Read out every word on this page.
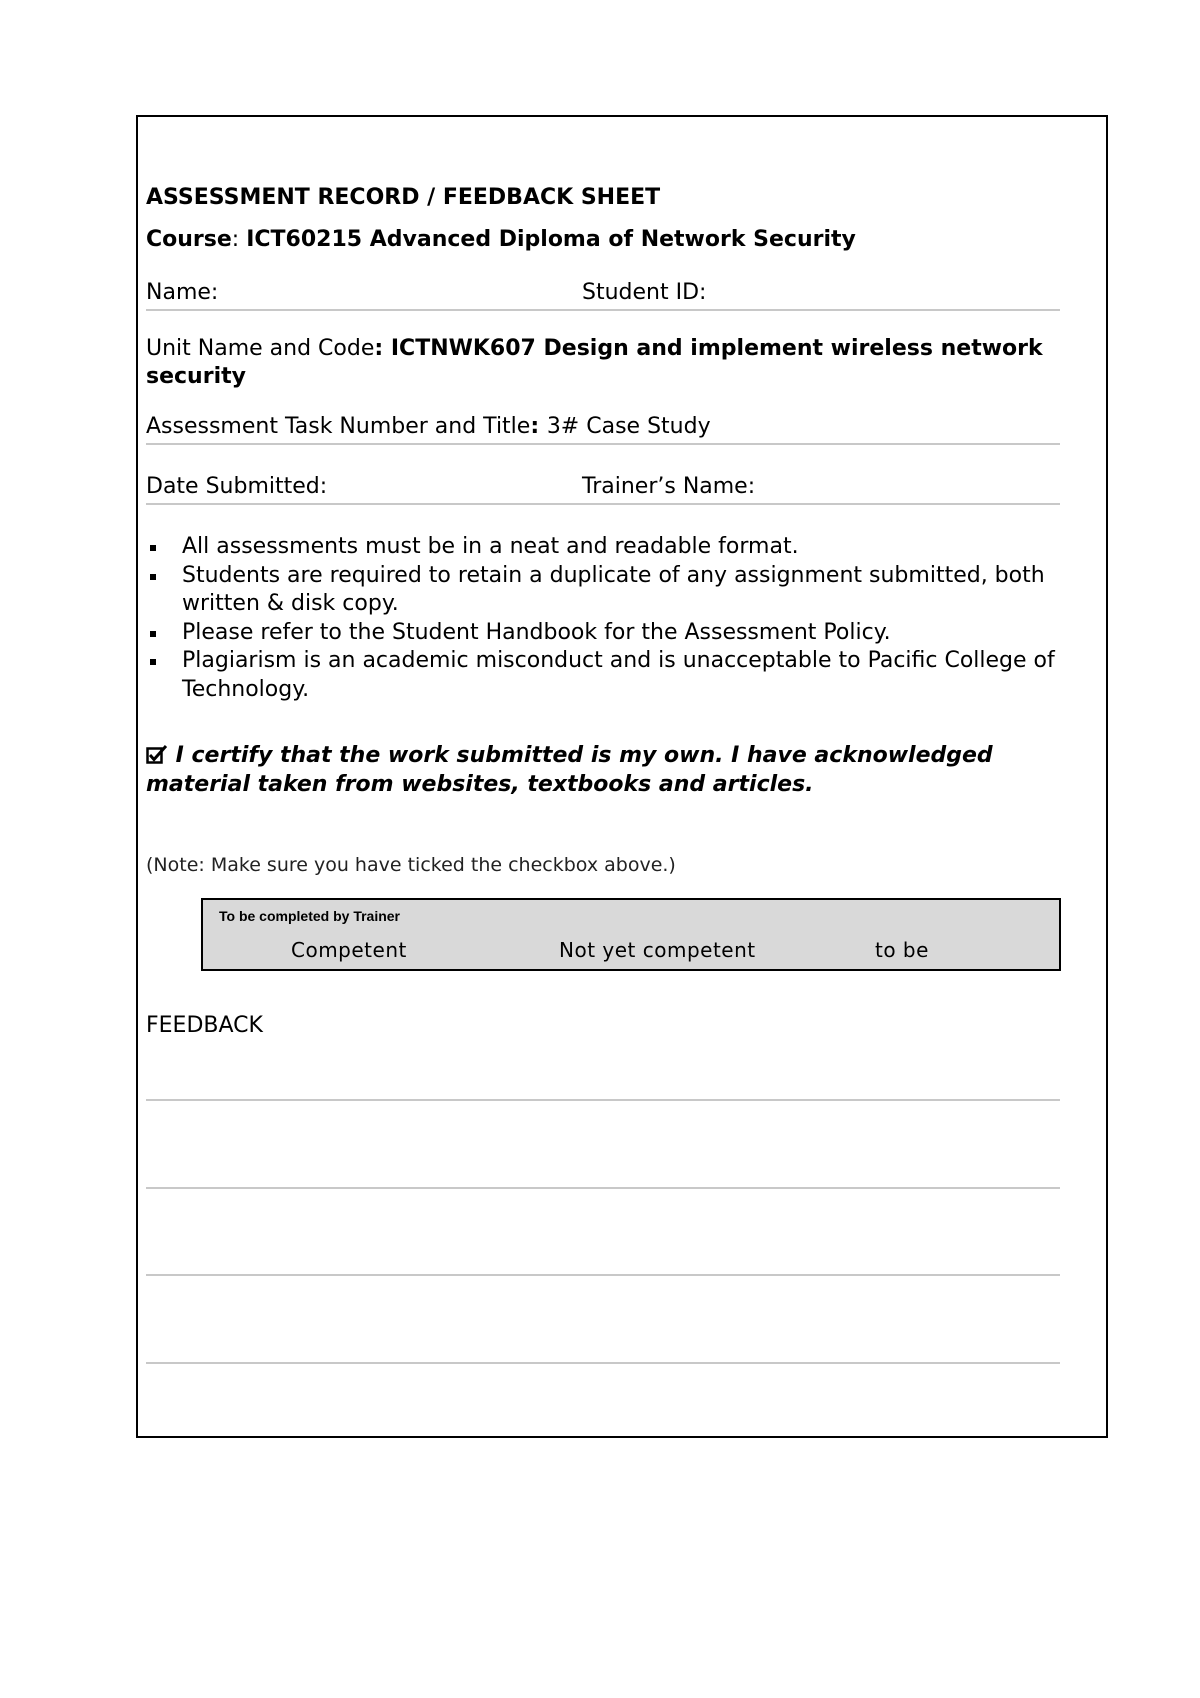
ASSESSMENT RECORD / FEEDBACK SHEET
Course: ICT60215 Advanced Diploma of Network Security
Name:	Student ID:
Unit Name and Code: ICTNWK607 Design and implement wireless network security
Assessment Task Number and Title: 3# Case Study
Date Submitted:	Trainer’s Name:
All assessments must be in a neat and readable format.
Students are required to retain a duplicate of any assignment submitted, both written & disk copy.
Please refer to the Student Handbook for the Assessment Policy.
Plagiarism is an academic misconduct and is unacceptable to Pacific College of Technology.
I certify that the work submitted is my own. I have acknowledged material taken from websites, textbooks and articles.
(Note: Make sure you have ticked the checkbox above.)
To be completed by Trainer
Competent	Not yet competent	to be
FEEDBACK
